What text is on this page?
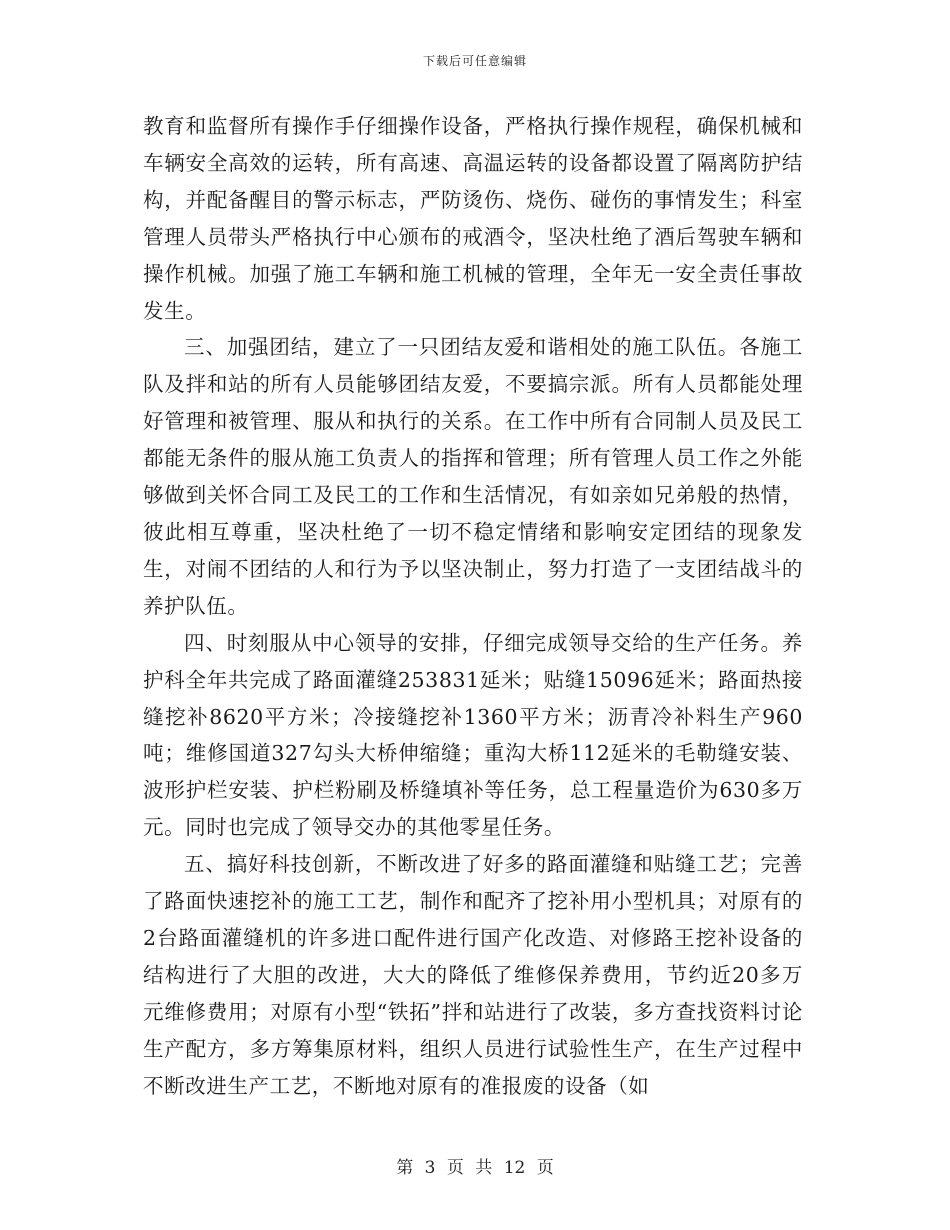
下载后可任意编辑

教育和监督所有操作手仔细操作设备，严格执行操作规程，确保机械和车辆安全高效的运转，所有高速、高温运转的设备都设置了隔离防护结构，并配备醒目的警示标志，严防烫伤、烧伤、碰伤的事情发生；科室管理人员带头严格执行中心颁布的戒酒令，坚决杜绝了酒后驾驶车辆和操作机械。加强了施工车辆和施工机械的管理，全年无一安全责任事故发生。

三、加强团结，建立了一只团结友爱和谐相处的施工队伍。各施工队及拌和站的所有人员能够团结友爱，不要搞宗派。所有人员都能处理好管理和被管理、服从和执行的关系。在工作中所有合同制人员及民工都能无条件的服从施工负责人的指挥和管理；所有管理人员工作之外能够做到关怀合同工及民工的工作和生活情况，有如亲如兄弟般的热情，彼此相互尊重，坚决杜绝了一切不稳定情绪和影响安定团结的现象发生，对闹不团结的人和行为予以坚决制止，努力打造了一支团结战斗的养护队伍。

四、时刻服从中心领导的安排，仔细完成领导交给的生产任务。养护科全年共完成了路面灌缝253831延米；贴缝15096延米；路面热接缝挖补8620平方米；冷接缝挖补1360平方米；沥青冷补料生产960吨；维修国道327勾头大桥伸缩缝；重沟大桥112延米的毛勒缝安装、波形护栏安装、护栏粉刷及桥缝填补等任务，总工程量造价为630多万元。同时也完成了领导交办的其他零星任务。

五、搞好科技创新，不断改进了好多的路面灌缝和贴缝工艺；完善了路面快速挖补的施工工艺，制作和配齐了挖补用小型机具；对原有的2台路面灌缝机的许多进口配件进行国产化改造、对修路王挖补设备的结构进行了大胆的改进，大大的降低了维修保养费用，节约近20多万元维修费用；对原有小型“铁拓”拌和站进行了改装，多方查找资料讨论生产配方，多方筹集原材料，组织人员进行试验性生产，在生产过程中不断改进生产工艺，不断地对原有的准报废的设备（如

第 3 页 共 12 页
